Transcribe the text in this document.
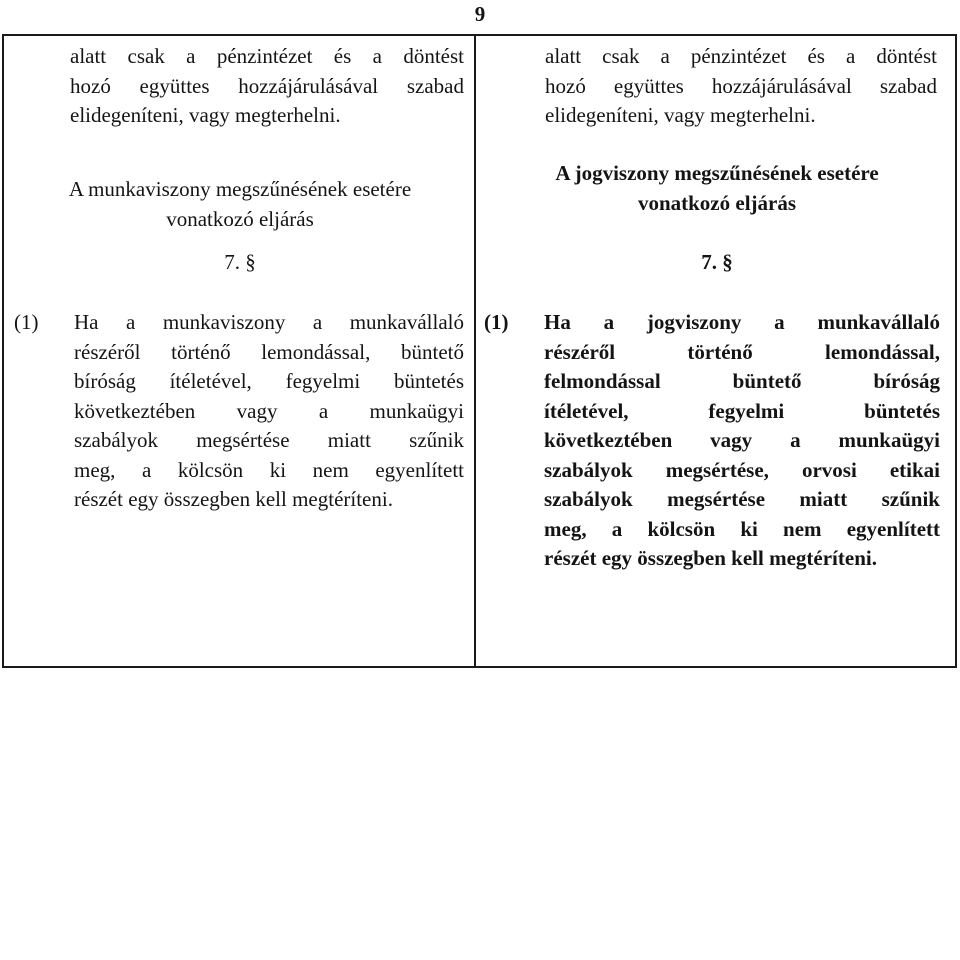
9
alatt csak a pénzintézet és a döntést
hozó együttes hozzájárulásával szabad
elidegeníteni, vagy megterhelni.
A munkaviszony megszűnésének esetére
vonatkozó eljárás
7. §
(1) Ha a munkaviszony a munkavállaló
részéről történő lemondással, büntető
bíróság ítéletével, fegyelmi büntetés
következtében vagy a munkaügyi
szabályok megsértése miatt szűnik
meg, a kölcsön ki nem egyenlített
részét egy összegben kell megtéríteni.
alatt csak a pénzintézet és a döntést
hozó együttes hozzájárulásával szabad
elidegeníteni, vagy megterhelni.
A jogviszony megszűnésének esetére
vonatkozó eljárás
7. §
(1) Ha a jogviszony a munkavállaló
részéről történő lemondással,
felmondással büntető bíróság
ítéletével, fegyelmi büntetés
következtében vagy a munkaügyi
szabályok megsértése, orvosi etikai
szabályok megsértése miatt szűnik
meg, a kölcsön ki nem egyenlített
részét egy összegben kell megtéríteni.
